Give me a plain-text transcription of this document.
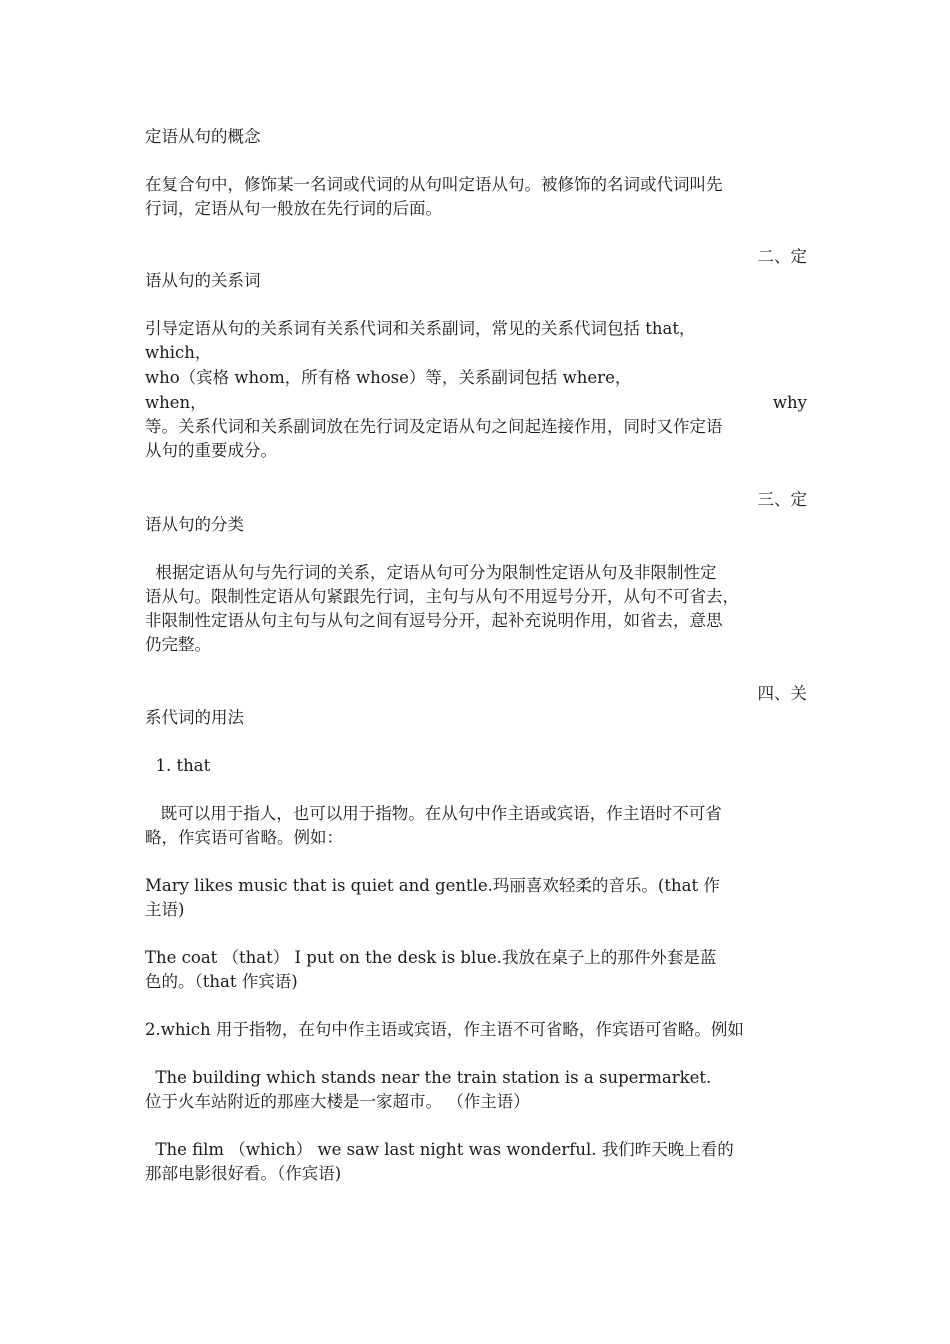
定语从句的概念

在复合句中，修饰某一名词或代词的从句叫定语从句。被修饰的名词或代词叫先

行词，定语从句一般放在先行词的后面。

二、定

语从句的关系词

引导定语从句的关系词有关系代词和关系副词，常见的关系代词包括 that，

which，

who（宾格 whom，所有格 whose）等，关系副词包括 where，

when，	why

等。关系代词和关系副词放在先行词及定语从句之间起连接作用，同时又作定语

从句的重要成分。

三、定

语从句的分类

根据定语从句与先行词的关系，定语从句可分为限制性定语从句及非限制性定

语从句。限制性定语从句紧跟先行词，主句与从句不用逗号分开，从句不可省去，

非限制性定语从句主句与从句之间有逗号分开，起补充说明作用，如省去，意思

仍完整。

四、关

系代词的用法

1. that

既可以用于指人，也可以用于指物。在从句中作主语或宾语，作主语时不可省

略，作宾语可省略。例如：

Mary likes music that is quiet and gentle.玛丽喜欢轻柔的音乐。(that 作

主语)

The coat （that） I put on the desk is blue.我放在桌子上的那件外套是蓝

色的。（that 作宾语)

2.which 用于指物，在句中作主语或宾语，作主语不可省略，作宾语可省略。例如

The building which stands near the train station is a supermarket.

位于火车站附近的那座大楼是一家超市。 （作主语）

The film （which） we saw last night was wonderful. 我们昨天晚上看的

那部电影很好看。（作宾语)
